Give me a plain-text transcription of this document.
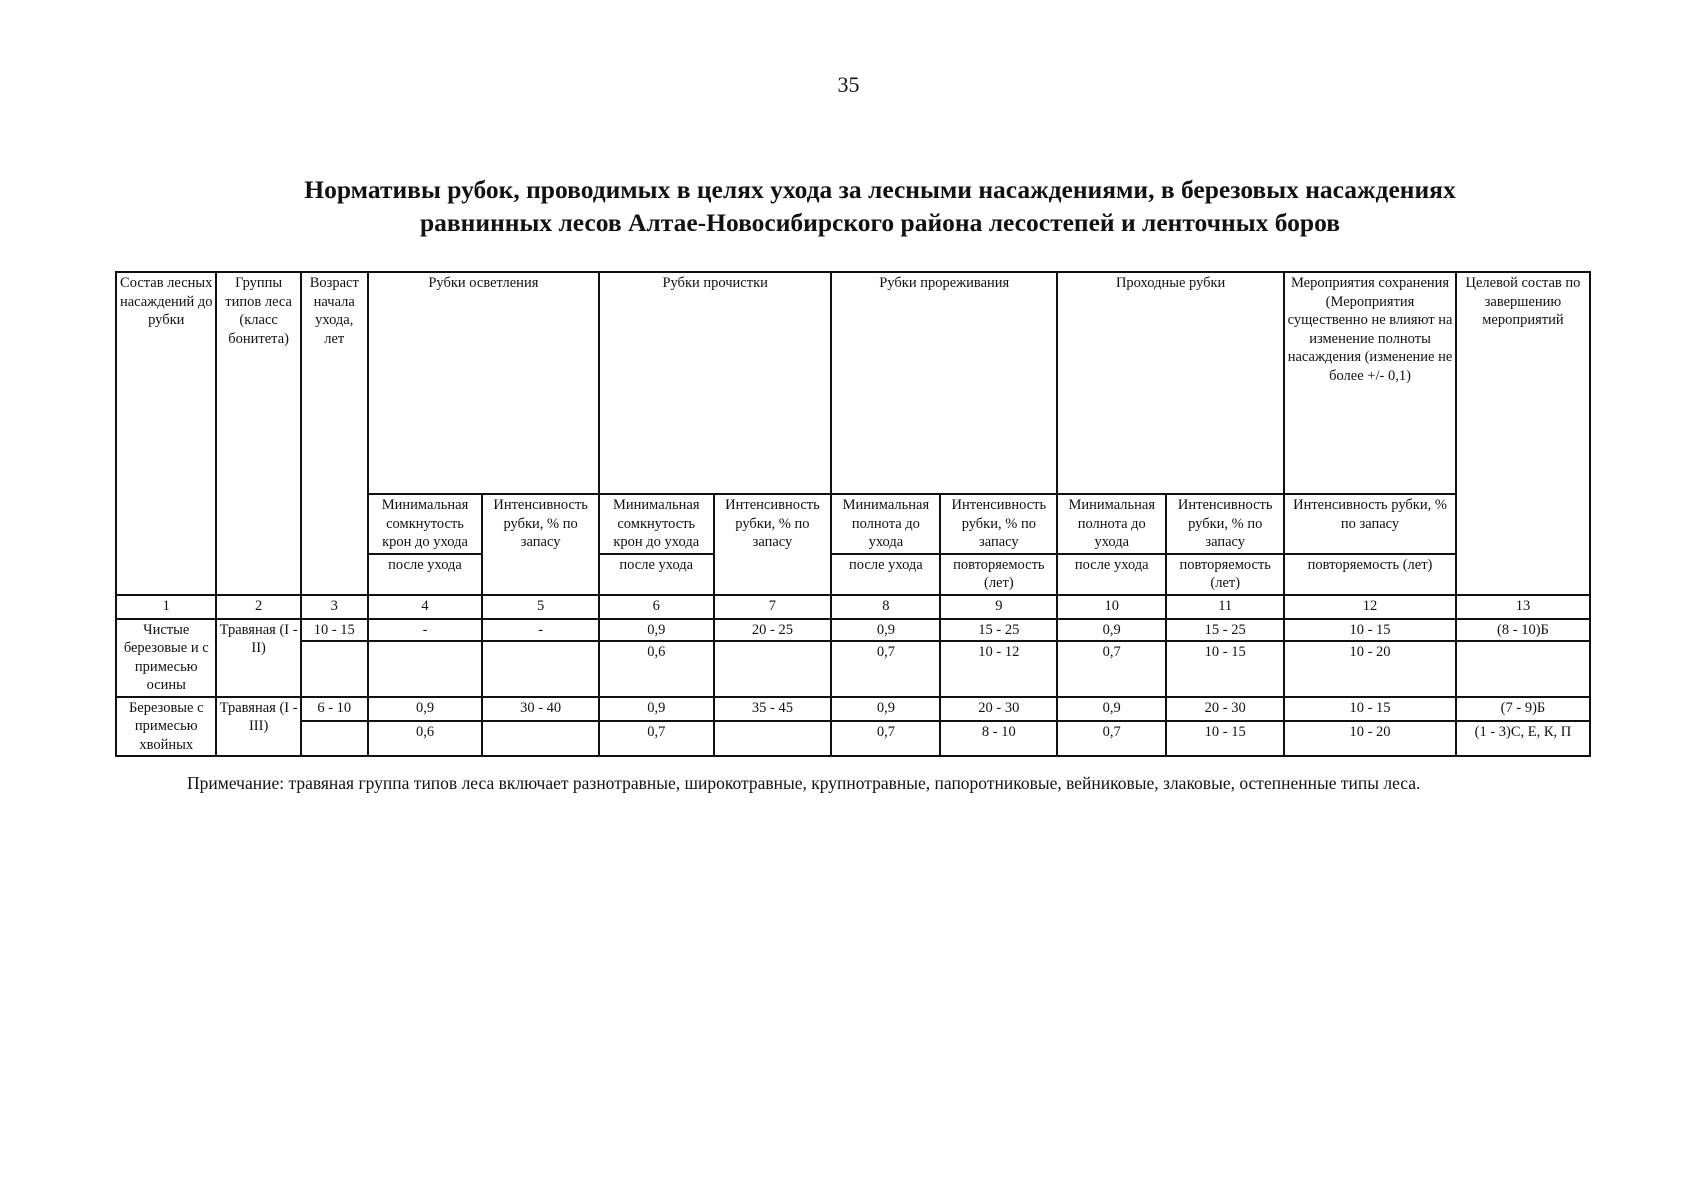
35
Нормативы рубок, проводимых в целях ухода за лесными насаждениями, в березовых насаждениях
равнинных лесов Алтае-Новосибирского района лесостепей и ленточных боров
Состав лесных насаждений до рубки	Группы типов леса (класс бонитета)	Возраст начала ухода, лет	Рубки осветления		Рубки прочистки		Рубки прореживания		Проходные рубки		Мероприятия сохранения (Мероприятия существенно не влияют на изменение полноты насаждения (изменение не более +/- 0,1)	Целевой состав по завершению мероприятий
			Минимальная сомкнутость крон до ухода	Интенсивность рубки, % по запасу	Минимальная сомкнутость крон до ухода	Интенсивность рубки, % по запасу	Минимальная полнота до ухода	Интенсивность рубки, % по запасу	Минимальная полнота до ухода	Интенсивность рубки, % по запасу	Интенсивность рубки, % по запасу	
			после ухода		после ухода		после ухода	повторяемость (лет)	после ухода	повторяемость (лет)	повторяемость (лет)	
1	2	3	4	5	6	7	8	9	10	11	12	13
Чистые березовые и с примесью осины	Травяная (I - II)	10 - 15	-	-	0,9	20 - 25	0,9	15 - 25	0,9	15 - 25	10 - 15	(8 - 10)Б
					0,6		0,7	10 - 12	0,7	10 - 15	10 - 20	
Березовые с примесью хвойных	Травяная (I - III)	6 - 10	0,9	30 - 40	0,9	35 - 45	0,9	20 - 30	0,9	20 - 30	10 - 15	(7 - 9)Б
			0,6		0,7		0,7	8 - 10	0,7	10 - 15	10 - 20	(1 - 3)С, Е, К, П
Примечание: травяная группа типов леса включает разнотравные, широкотравные, крупнотравные, папоротниковые, вейниковые, злаковые, остепненные типы леса.
